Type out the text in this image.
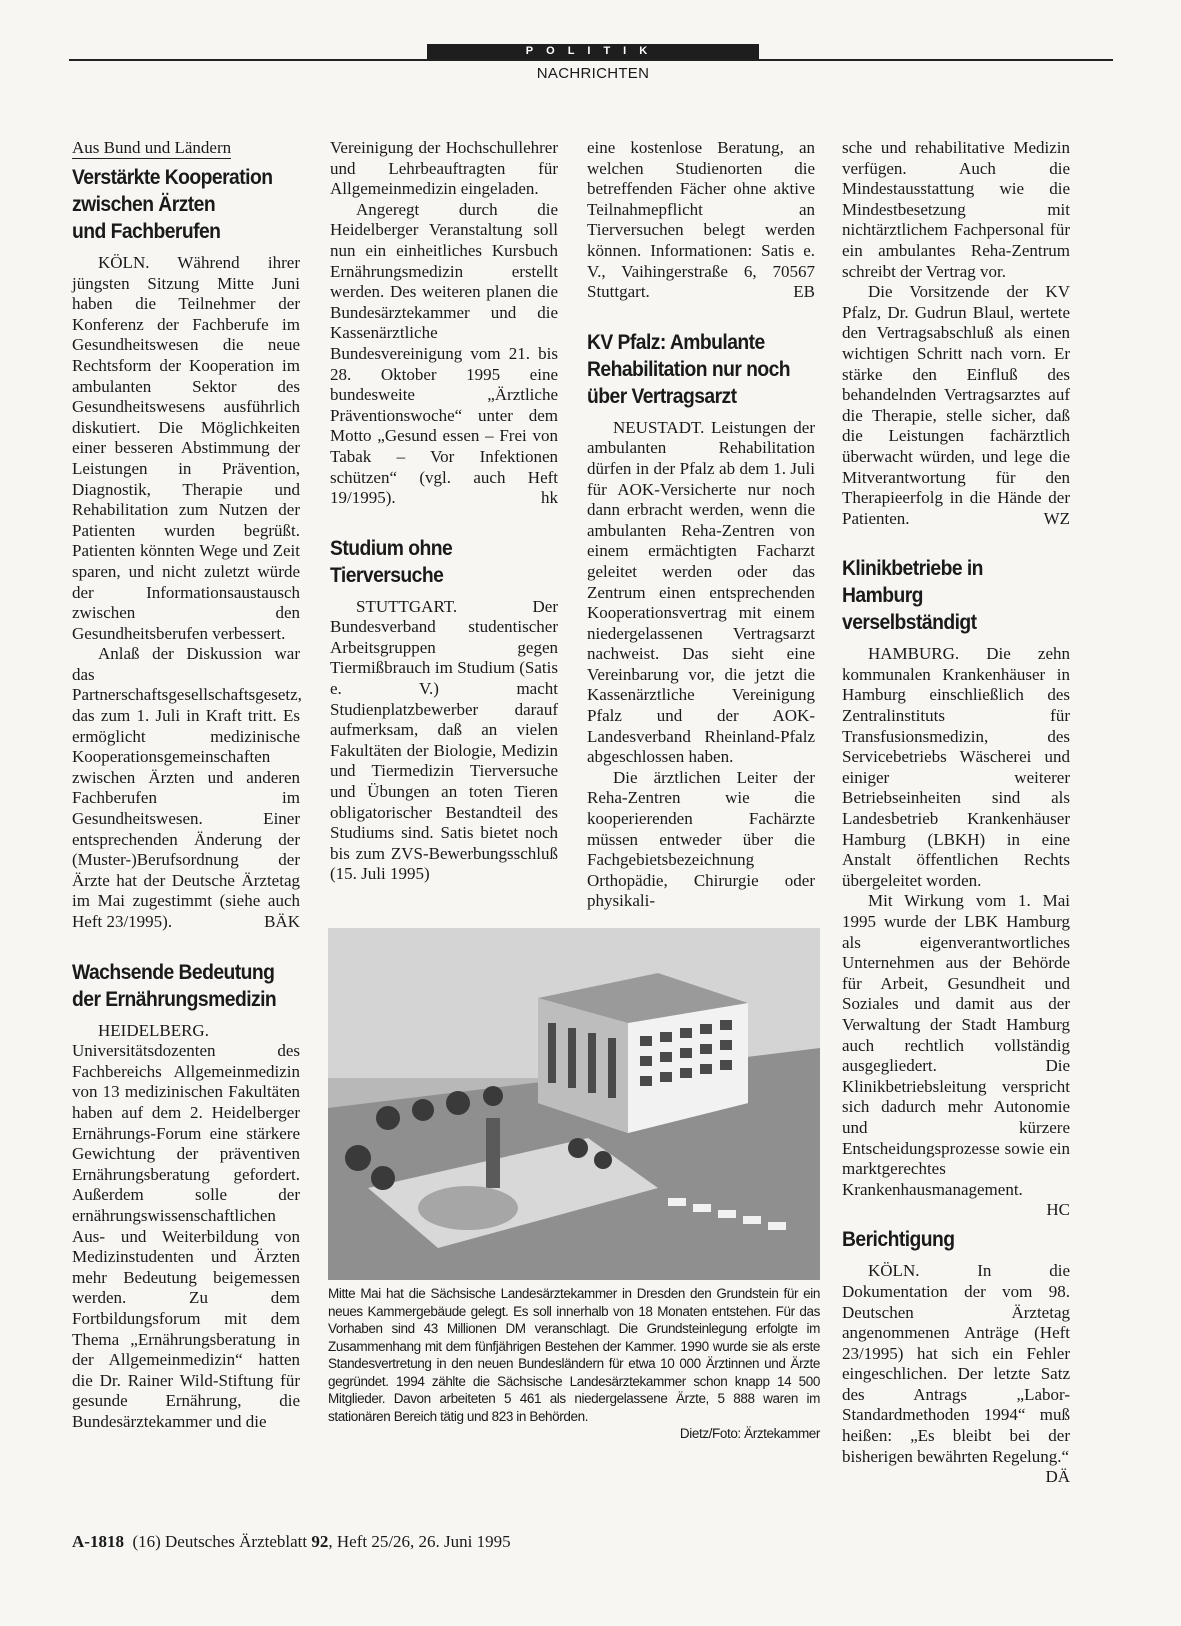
POLITIK
NACHRICHTEN
Aus Bund und Ländern
Verstärkte Kooperation
zwischen Ärzten
und Fachberufen

KÖLN. Während ihrer jüngsten Sitzung Mitte Juni haben die Teilnehmer der Konferenz der Fachberufe im Gesundheitswesen die neue Rechtsform der Kooperation im ambulanten Sektor des Gesundheitswesens ausführlich diskutiert. Die Möglichkeiten einer besseren Abstimmung der Leistungen in Prävention, Diagnostik, Therapie und Rehabilitation zum Nutzen der Patienten wurden begrüßt. Patienten könnten Wege und Zeit sparen, und nicht zuletzt würde der Informationsaustausch zwischen den Gesundheitsberufen verbessert.

Anlaß der Diskussion war das Partnerschaftsgesellschaftsgesetz, das zum 1. Juli in Kraft tritt. Es ermöglicht medizinische Kooperationsgemeinschaften zwischen Ärzten und anderen Fachberufen im Gesundheitswesen. Einer entsprechenden Änderung der (Muster-)Berufsordnung der Ärzte hat der Deutsche Ärztetag im Mai zugestimmt (siehe auch Heft 23/1995).	BÄK

Wachsende Bedeutung
der Ernährungsmedizin

HEIDELBERG. Universitätsdozenten des Fachbereichs Allgemeinmedizin von 13 medizinischen Fakultäten haben auf dem 2. Heidelberger Ernährungs-Forum eine stärkere Gewichtung der präventiven Ernährungsberatung gefordert. Außerdem solle der ernährungswissenschaftlichen Aus- und Weiterbildung von Medizinstudenten und Ärzten mehr Bedeutung beigemessen werden. Zu dem Fortbildungsforum mit dem Thema „Ernährungsberatung in der Allgemeinmedizin“ hatten die Dr. Rainer Wild-Stiftung für gesunde Ernährung, die Bundesärztekammer und die

Vereinigung der Hochschullehrer und Lehrbeauftragten für Allgemeinmedizin eingeladen.

Angeregt durch die Heidelberger Veranstaltung soll nun ein einheitliches Kursbuch Ernährungsmedizin erstellt werden. Des weiteren planen die Bundesärztekammer und die Kassenärztliche Bundesvereinigung vom 21. bis 28. Oktober 1995 eine bundesweite „Ärztliche Präventionswoche“ unter dem Motto „Gesund essen – Frei von Tabak – Vor Infektionen schützen“ (vgl. auch Heft 19/1995).	hk

Studium ohne
Tierversuche

STUTTGART. Der Bundesverband studentischer Arbeitsgruppen gegen Tiermißbrauch im Studium (Satis e. V.) macht Studienplatzbewerber darauf aufmerksam, daß an vielen Fakultäten der Biologie, Medizin und Tiermedizin Tierversuche und Übungen an toten Tieren obligatorischer Bestandteil des Studiums sind. Satis bietet noch bis zum ZVS-Bewerbungsschluß (15. Juli 1995)

eine kostenlose Beratung, an welchen Studienorten die betreffenden Fächer ohne aktive Teilnahmepflicht an Tierversuchen belegt werden können. Informationen: Satis e. V., Vaihingerstraße 6, 70567 Stuttgart.	EB

KV Pfalz: Ambulante
Rehabilitation nur noch
über Vertragsarzt

NEUSTADT. Leistungen der ambulanten Rehabilitation dürfen in der Pfalz ab dem 1. Juli für AOK-Versicherte nur noch dann erbracht werden, wenn die ambulanten Reha-Zentren von einem ermächtigten Facharzt geleitet werden oder das Zentrum einen entsprechenden Kooperationsvertrag mit einem niedergelassenen Vertragsarzt nachweist. Das sieht eine Vereinbarung vor, die jetzt die Kassenärztliche Vereinigung Pfalz und der AOK-Landesverband Rheinland-Pfalz abgeschlossen haben.

Die ärztlichen Leiter der Reha-Zentren wie die kooperierenden Fachärzte müssen entweder über die Fachgebietsbezeichnung Orthopädie, Chirurgie oder physikali-

sche und rehabilitative Medizin verfügen. Auch die Mindestausstattung wie die Mindestbesetzung mit nichtärztlichem Fachpersonal für ein ambulantes Reha-Zentrum schreibt der Vertrag vor.

Die Vorsitzende der KV Pfalz, Dr. Gudrun Blaul, wertete den Vertragsabschluß als einen wichtigen Schritt nach vorn. Er stärke den Einfluß des behandelnden Vertragsarztes auf die Therapie, stelle sicher, daß die Leistungen fachärztlich überwacht würden, und lege die Mitverantwortung für den Therapieerfolg in die Hände der Patienten.	WZ

Klinikbetriebe in
Hamburg
verselbständigt

HAMBURG. Die zehn kommunalen Krankenhäuser in Hamburg einschließlich des Zentralinstituts für Transfusionsmedizin, des Servicebetriebs Wäscherei und einiger weiterer Betriebseinheiten sind als Landesbetrieb Krankenhäuser Hamburg (LBKH) in eine Anstalt öffentlichen Rechts übergeleitet worden.

Mit Wirkung vom 1. Mai 1995 wurde der LBK Hamburg als eigenverantwortliches Unternehmen aus der Behörde für Arbeit, Gesundheit und Soziales und damit aus der Verwaltung der Stadt Hamburg auch rechtlich vollständig ausgegliedert. Die Klinikbetriebsleitung verspricht sich dadurch mehr Autonomie und kürzere Entscheidungsprozesse sowie ein marktgerechtes Krankenhausmanagement.
HC

Berichtigung

KÖLN. In die Dokumentation der vom 98. Deutschen Ärztetag angenommenen Anträge (Heft 23/1995) hat sich ein Fehler eingeschlichen. Der letzte Satz des Antrags „Labor-Standardmethoden 1994“ muß heißen: „Es bleibt bei der bisherigen bewährten Regelung.“
DÄ

Mitte Mai hat die Sächsische Landesärztekammer in Dresden den Grundstein für ein neues Kammergebäude gelegt. Es soll innerhalb von 18 Monaten entstehen. Für das Vorhaben sind 43 Millionen DM veranschlagt. Die Grundsteinlegung erfolgte im Zusammenhang mit dem fünfjährigen Bestehen der Kammer. 1990 wurde sie als erste Standesvertretung in den neuen Bundesländern für etwa 10 000 Ärztinnen und Ärzte gegründet. 1994 zählte die Sächsische Landesärztekammer schon knapp 14 500 Mitglieder. Davon arbeiteten 5 461 als niedergelassene Ärzte, 5 888 waren im stationären Bereich tätig und 823 in Behörden.
Dietz/Foto: Ärztekammer
A-1818 (16) Deutsches Ärzteblatt 92, Heft 25/26, 26. Juni 1995
